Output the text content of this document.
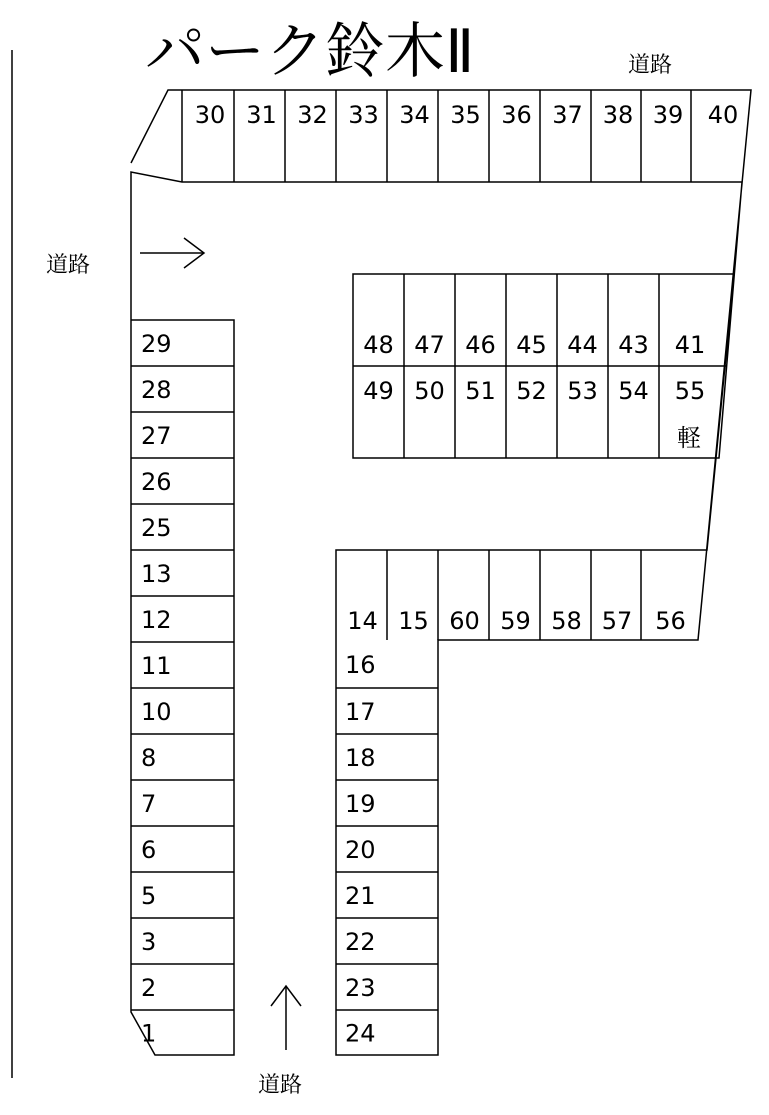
パーク鈴木Ⅱ	道路
道路
道路
30 31 32 33 34 35 36 37 38 39 40
29
28
27
26
25
13
12
11
10
8
7
6
5
3
2
1
48 47 46 45 44 43 41
49 50 51 52 53 54 55
14 15 60 59 58 57 56
16
17
18
19
20
21
22
23
24
軽
